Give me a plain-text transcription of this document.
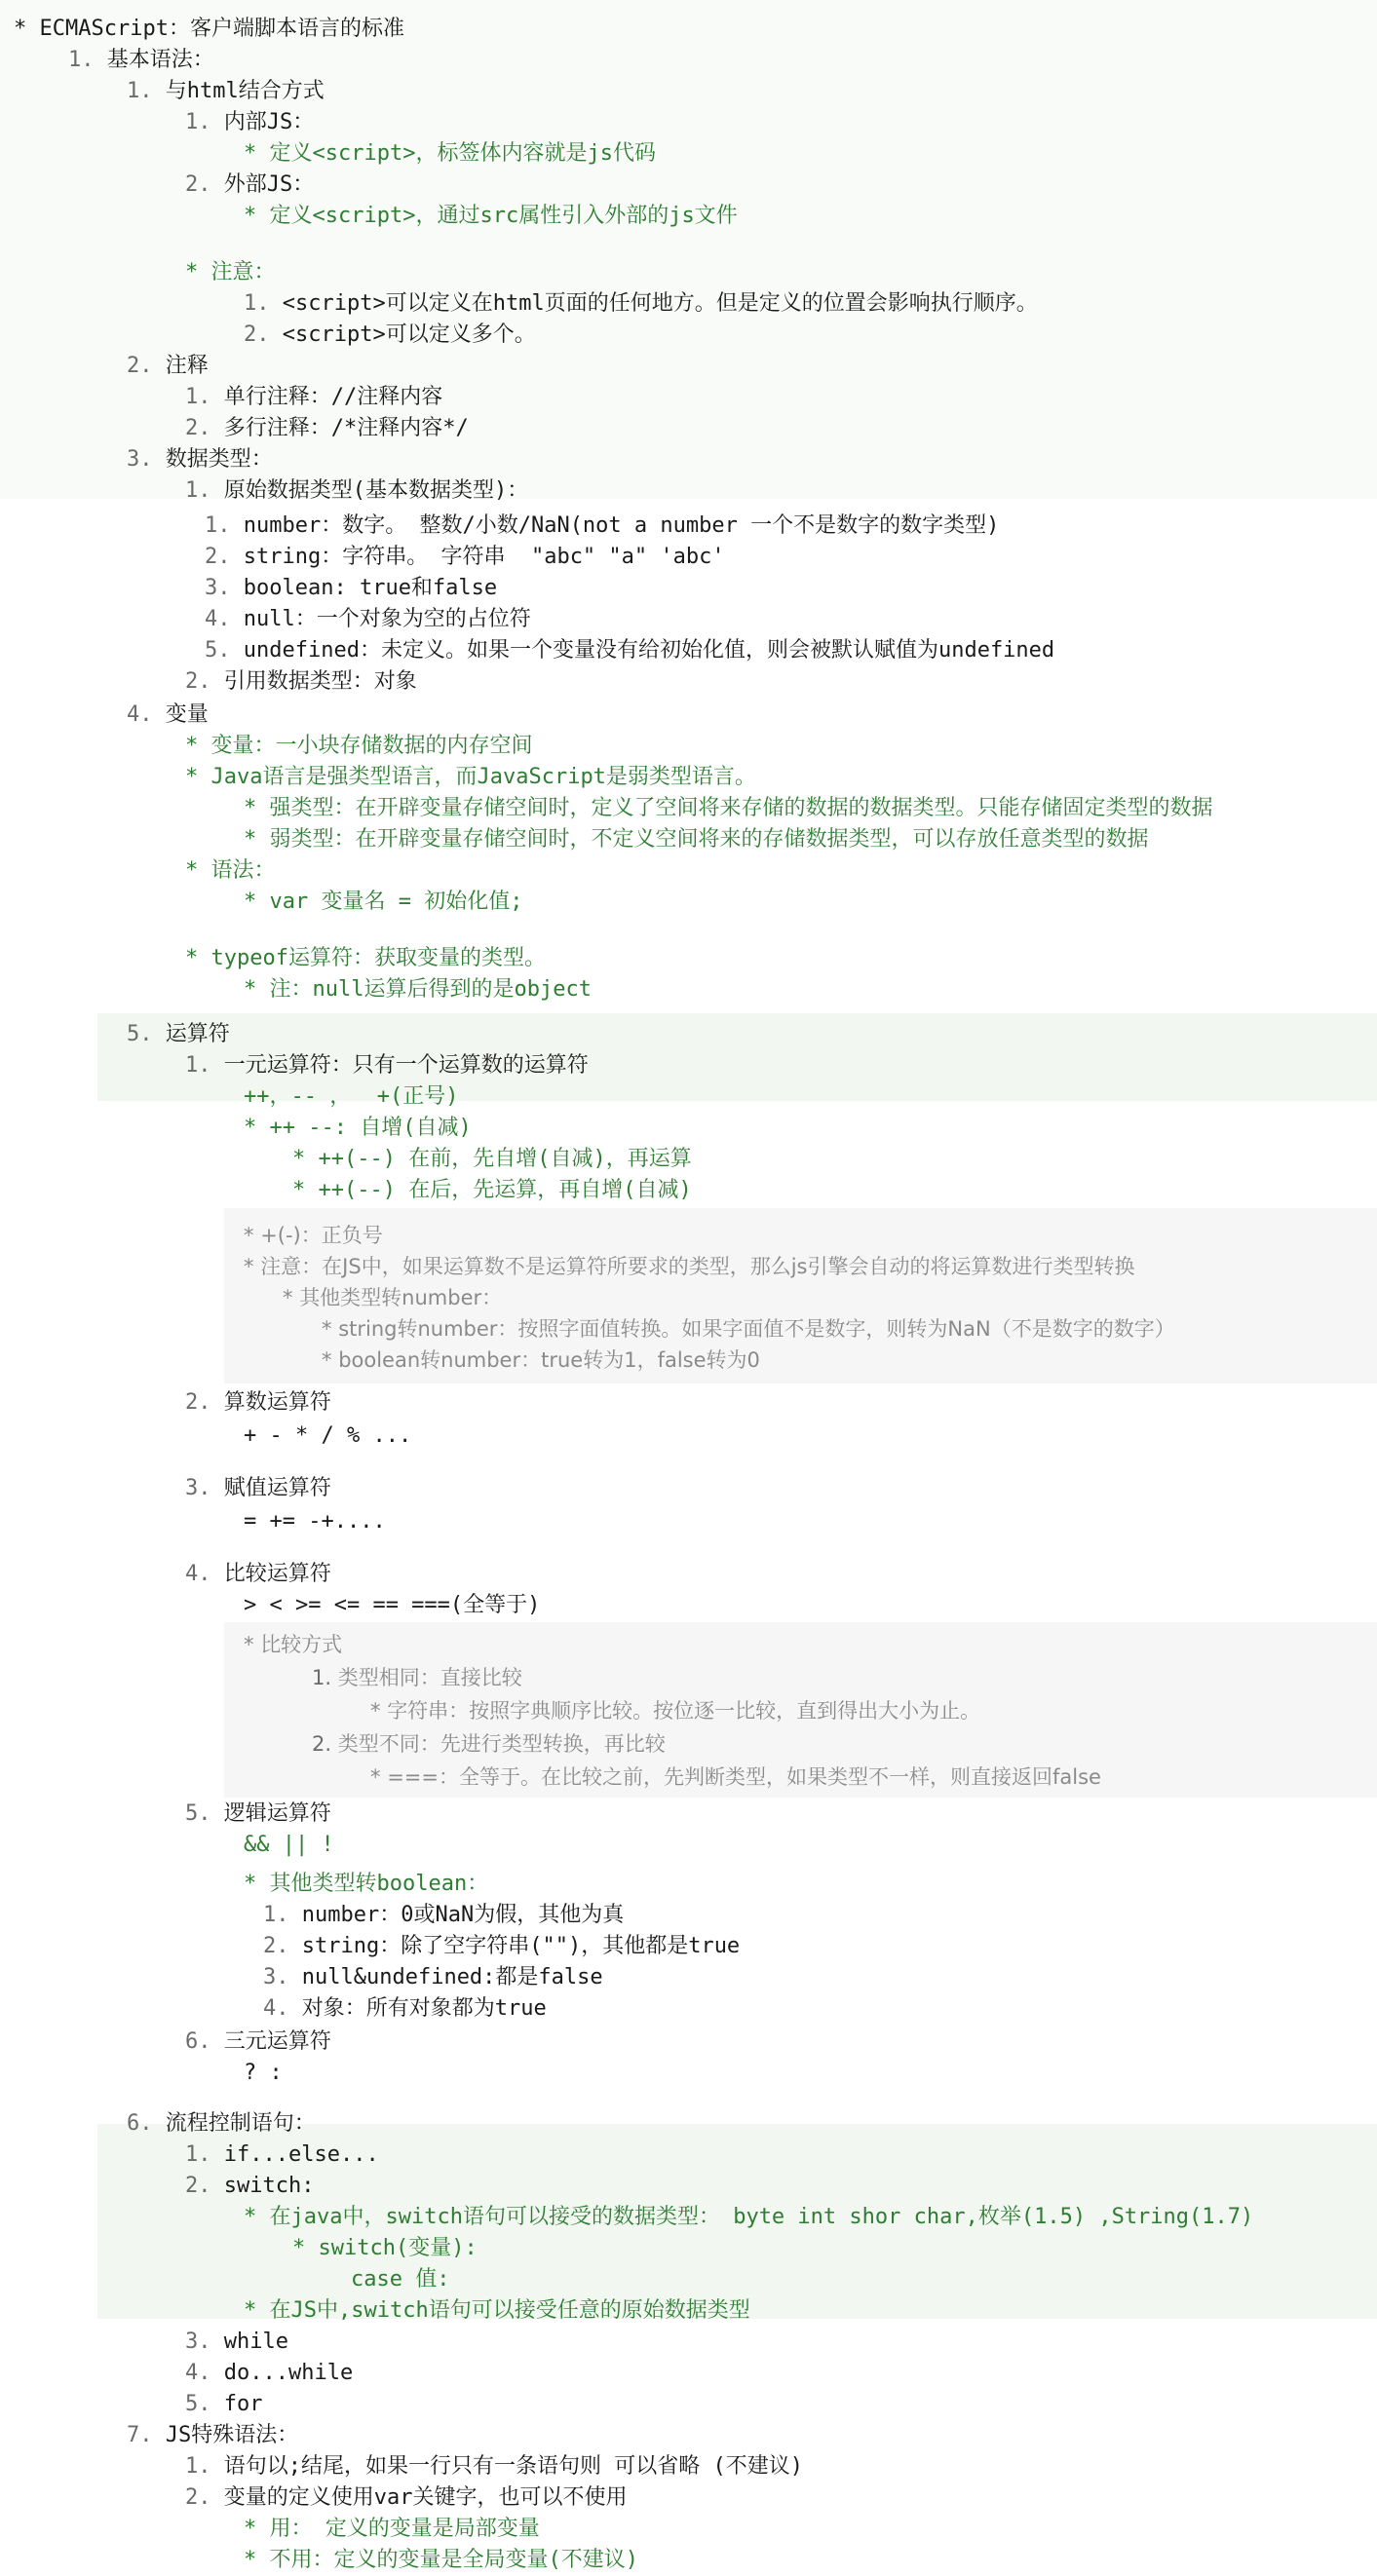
* ECMAScript：客户端脚本语言的标准
1. 基本语法：
1. 与html结合方式
1. 内部JS：
* 定义<script>，标签体内容就是js代码
2. 外部JS：
* 定义<script>，通过src属性引入外部的js文件
* 注意：
1. <script>可以定义在html页面的任何地方。但是定义的位置会影响执行顺序。
2. <script>可以定义多个。
2. 注释
1. 单行注释：//注释内容
2. 多行注释：/*注释内容*/
3. 数据类型：
1. 原始数据类型(基本数据类型)：
1. number：数字。 整数/小数/NaN(not a number 一个不是数字的数字类型)
2. string：字符串。 字符串  "abc" "a" 'abc'
3. boolean: true和false
4. null：一个对象为空的占位符
5. undefined：未定义。如果一个变量没有给初始化值，则会被默认赋值为undefined
2. 引用数据类型：对象
4. 变量
* 变量：一小块存储数据的内存空间
* Java语言是强类型语言，而JavaScript是弱类型语言。
* 强类型：在开辟变量存储空间时，定义了空间将来存储的数据的数据类型。只能存储固定类型的数据
* 弱类型：在开辟变量存储空间时，不定义空间将来的存储数据类型，可以存放任意类型的数据
* 语法：
* var 变量名 = 初始化值;
* typeof运算符：获取变量的类型。
* 注：null运算后得到的是object
5. 运算符
1. 一元运算符：只有一个运算数的运算符
++，-- ，  +(正号)
* ++ --: 自增(自减)
* ++(--) 在前，先自增(自减)，再运算
* ++(--) 在后，先运算，再自增(自减)
* +(-)：正负号
* 注意：在JS中，如果运算数不是运算符所要求的类型，那么js引擎会自动的将运算数进行类型转换
* 其他类型转number：
* string转number：按照字面值转换。如果字面值不是数字，则转为NaN（不是数字的数字）
* boolean转number：true转为1，false转为0
2. 算数运算符
+ - * / % ...
3. 赋值运算符
= += -+....
4. 比较运算符
> < >= <= == ===(全等于)
* 比较方式
1. 类型相同：直接比较
* 字符串：按照字典顺序比较。按位逐一比较，直到得出大小为止。
2. 类型不同：先进行类型转换，再比较
* ===：全等于。在比较之前，先判断类型，如果类型不一样，则直接返回false
5. 逻辑运算符
&& || !
* 其他类型转boolean：
1. number：0或NaN为假，其他为真
2. string：除了空字符串("")，其他都是true
3. null&undefined:都是false
4. 对象：所有对象都为true
6. 三元运算符
? :
6. 流程控制语句：
1. if...else...
2. switch:
* 在java中，switch语句可以接受的数据类型： byte int shor char,枚举(1.5) ,String(1.7)
* switch(变量):
case 值:
* 在JS中,switch语句可以接受任意的原始数据类型
3. while
4. do...while
5. for
7. JS特殊语法：
1. 语句以;结尾，如果一行只有一条语句则 可以省略 (不建议)
2. 变量的定义使用var关键字，也可以不使用
* 用： 定义的变量是局部变量
* 不用：定义的变量是全局变量(不建议)
